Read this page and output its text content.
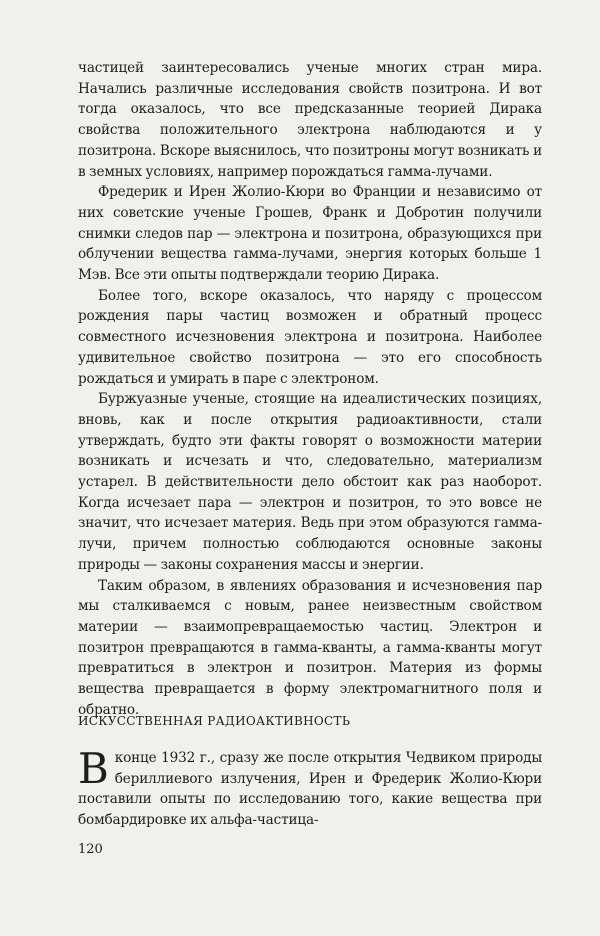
частицей заинтересовались ученые многих стран мира. Начались различные исследования свойств позитрона. И вот тогда оказалось, что все предсказанные теорией Дирака свойства положительного электрона наблюдаются и у позитрона. Вскоре выяснилось, что позитроны могут возникать и в земных условиях, например порождаться гамма-лучами.

Фредерик и Ирен Жолио-Кюри во Франции и независимо от них советские ученые Грошев, Франк и Добротин получили снимки следов пар — электрона и позитрона, образующихся при облучении вещества гамма-лучами, энергия которых больше 1 Мэв. Все эти опыты подтверждали теорию Дирака.

Более того, вскоре оказалось, что наряду с процессом рождения пары частиц возможен и обратный процесс совместного исчезновения электрона и позитрона. Наиболее удивительное свойство позитрона — это его способность рождаться и умирать в паре с электроном.

Буржуазные ученые, стоящие на идеалистических позициях, вновь, как и после открытия радиоактивности, стали утверждать, будто эти факты говорят о возможности материи возникать и исчезать и что, следовательно, материализм устарел. В действительности дело обстоит как раз наоборот. Когда исчезает пара — электрон и позитрон, то это вовсе не значит, что исчезает материя. Ведь при этом образуются гамма-лучи, причем полностью соблюдаются основные законы природы — законы сохранения массы и энергии.

Таким образом, в явлениях образования и исчезновения пар мы сталкиваемся с новым, ранее неизвестным свойством материи — взаимопревращаемостью частиц. Электрон и позитрон превращаются в гамма-кванты, а гамма-кванты могут превратиться в электрон и позитрон. Материя из формы вещества превращается в форму электромагнитного поля и обратно.

ИСКУССТВЕННАЯ РАДИОАКТИВНОСТЬ

В конце 1932 г., сразу же после открытия Чедвиком природы бериллиевого излучения, Ирен и Фредерик Жолио-Кюри поставили опыты по исследованию того, какие вещества при бомбардировке их альфа-частица-

120
